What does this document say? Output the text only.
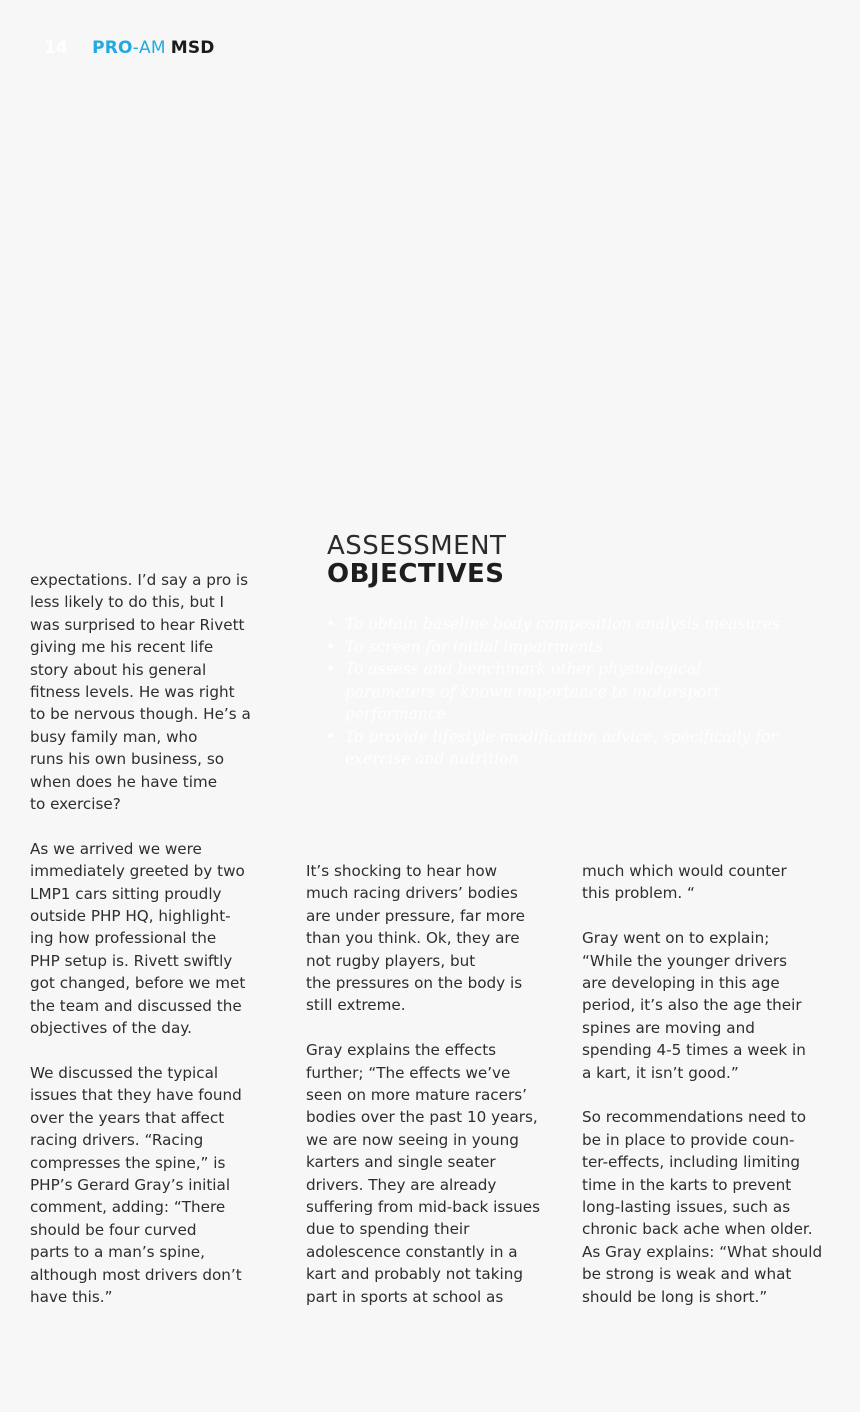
14 PRO - AM MSD

expectations. I’d say a pro is
less likely to do this, but I
was surprised to hear Rivett
giving me his recent life
story about his general
fitness levels. He was right
to be nervous though. He’s a
busy family man, who
runs his own business, so
when does he have time
to exercise?

As we arrived we were
immediately greeted by two
LMP1 cars sitting proudly
outside PHP HQ, highlight-
ing how professional the
PHP setup is. Rivett swiftly
got changed, before we met
the team and discussed the
objectives of the day.

We discussed the typical
issues that they have found
over the years that affect
racing drivers. “Racing
compresses the spine,” is
PHP’s Gerard Gray’s initial
comment, adding: “There
should be four curved
parts to a man’s spine,
although most drivers don’t
have this.”

ASSESSMENT
OBJECTIVES
• To obtain baseline body composition analysis measures
• To screen for initial impairments
• To assess and benchmark other physiological parameters of known importance to motorsport performance
• To provide lifestyle modification advice, specifically for exercise and nutrition

It’s shocking to hear how
much racing drivers’ bodies
are under pressure, far more
than you think. Ok, they are
not rugby players, but
the pressures on the body is
still extreme.

Gray explains the effects
further; “The effects we’ve
seen on more mature racers’
bodies over the past 10 years,
we are now seeing in young
karters and single seater
drivers. They are already
suffering from mid-back issues
due to spending their
adolescence constantly in a
kart and probably not taking
part in sports at school as

much which would counter
this problem. “

Gray went on to explain;
“While the younger drivers
are developing in this age
period, it’s also the age their
spines are moving and
spending 4-5 times a week in
a kart, it isn’t good.”

So recommendations need to
be in place to provide coun-
ter-effects, including limiting
time in the karts to prevent
long-lasting issues, such as
chronic back ache when older.
As Gray explains: “What should
be strong is weak and what
should be long is short.”
